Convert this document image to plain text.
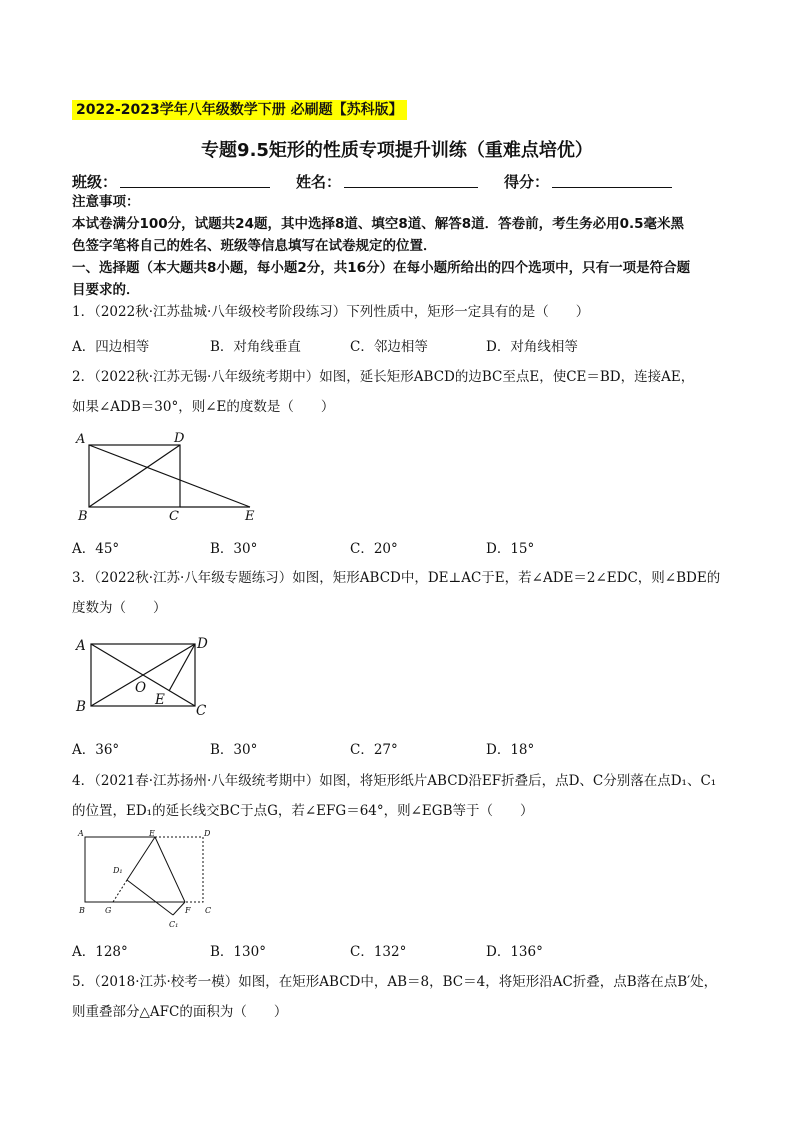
2022-2023学年八年级数学下册 必刷题【苏科版】
专题9.5矩形的性质专项提升训练（重难点培优）
班级：	姓名：	得分：
注意事项：
本试卷满分100分，试题共24题，其中选择8道、填空8道、解答8道．答卷前，考生务必用0.5毫米黑
色签字笔将自己的姓名、班级等信息填写在试卷规定的位置．
一、选择题（本大题共8小题，每小题2分，共16分）在每小题所给出的四个选项中，只有一项是符合题
目要求的．
1．（2022秋·江苏盐城·八年级校考阶段练习）下列性质中，矩形一定具有的是（　　）
A．四边相等	B．对角线垂直	C．邻边相等	D．对角线相等
2．（2022秋·江苏无锡·八年级统考期中）如图，延长矩形ABCD的边BC至点E，使CE＝BD，连接AE，
如果∠ADB＝30°，则∠E的度数是（　　）
A	D
B	C	E
A．45°	B．30°	C．20°	D．15°
3．（2022秋·江苏·八年级专题练习）如图，矩形ABCD中，DE⊥AC于E，若∠ADE＝2∠EDC，则∠BDE的
度数为（　　）
A	D
B	C
O
E
A．36°	B．30°	C．27°	D．18°
4．（2021春·江苏扬州·八年级统考期中）如图，将矩形纸片ABCD沿EF折叠后，点D、C分别落在点D₁、C₁
的位置，ED₁的延长线交BC于点G，若∠EFG＝64°，则∠EGB等于（　　）
A	E	D
D₁
B	G	F C
C₁
A．128°	B．130°	C．132°	D．136°
5．（2018·江苏·校考一模）如图，在矩形ABCD中，AB＝8，BC＝4，将矩形沿AC折叠，点B落在点B′处，
则重叠部分△AFC的面积为（　　）
